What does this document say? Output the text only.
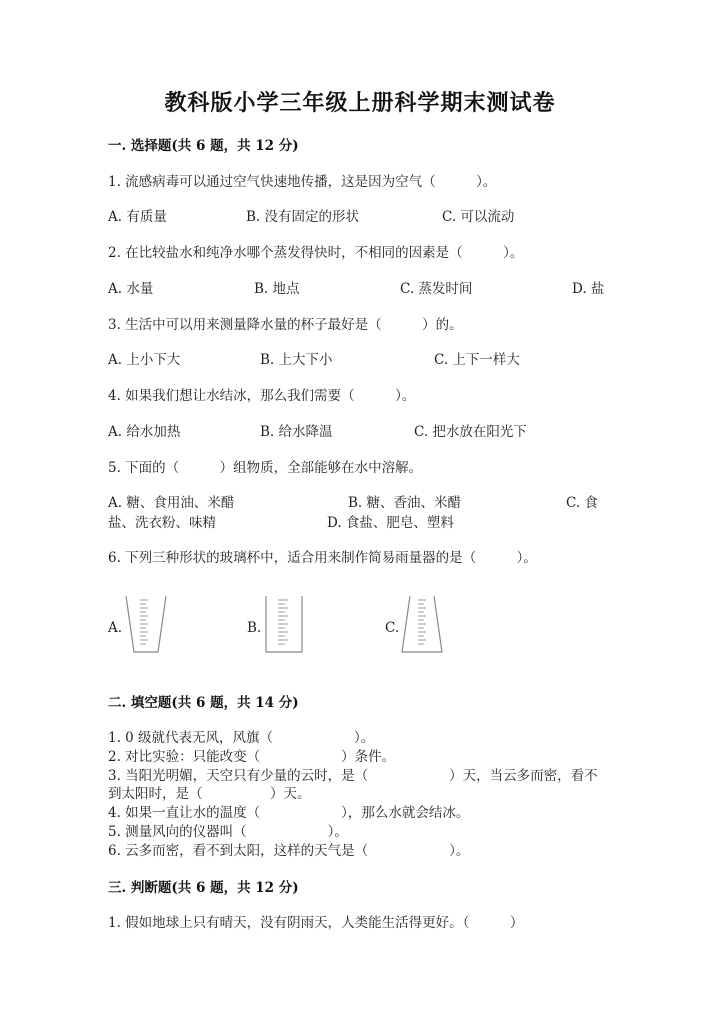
教科版小学三年级上册科学期末测试卷
一. 选择题(共 6 题，共 12 分)
1. 流感病毒可以通过空气快速地传播，这是因为空气（　　　）。
A. 有质量	B. 没有固定的形状	C. 可以流动
2. 在比较盐水和纯净水哪个蒸发得快时，不相同的因素是（　　　）。
A. 水量	B. 地点	C. 蒸发时间	D. 盐
3. 生活中可以用来测量降水量的杯子最好是（　　　）的。
A. 上小下大	B. 上大下小	C. 上下一样大
4. 如果我们想让水结冰，那么我们需要（　　　）。
A. 给水加热	B. 给水降温	C. 把水放在阳光下
5. 下面的（　　　）组物质，全部能够在水中溶解。
A. 糖、食用油、米醋	B. 糖、香油、米醋	C. 食
盐、洗衣粉、味精	D. 食盐、肥皂、塑料
6. 下列三种形状的玻璃杯中，适合用来制作简易雨量器的是（　　　）。
A.	B.	C.
二. 填空题(共 6 题，共 14 分)
1. 0 级就代表无风，风旗（　　　　　　）。
2. 对比实验：只能改变（　　　　　　）条件。
3. 当阳光明媚，天空只有少量的云时，是（　　　　　　）天，当云多而密，看不
到太阳时，是（　　　　　）天。
4. 如果一直让水的温度（　　　　　　），那么水就会结冰。
5. 测量风向的仪器叫（　　　　　　）。
6. 云多而密，看不到太阳，这样的天气是（　　　　　　）。
三. 判断题(共 6 题，共 12 分)
1. 假如地球上只有晴天，没有阴雨天，人类能生活得更好。（　　　）
